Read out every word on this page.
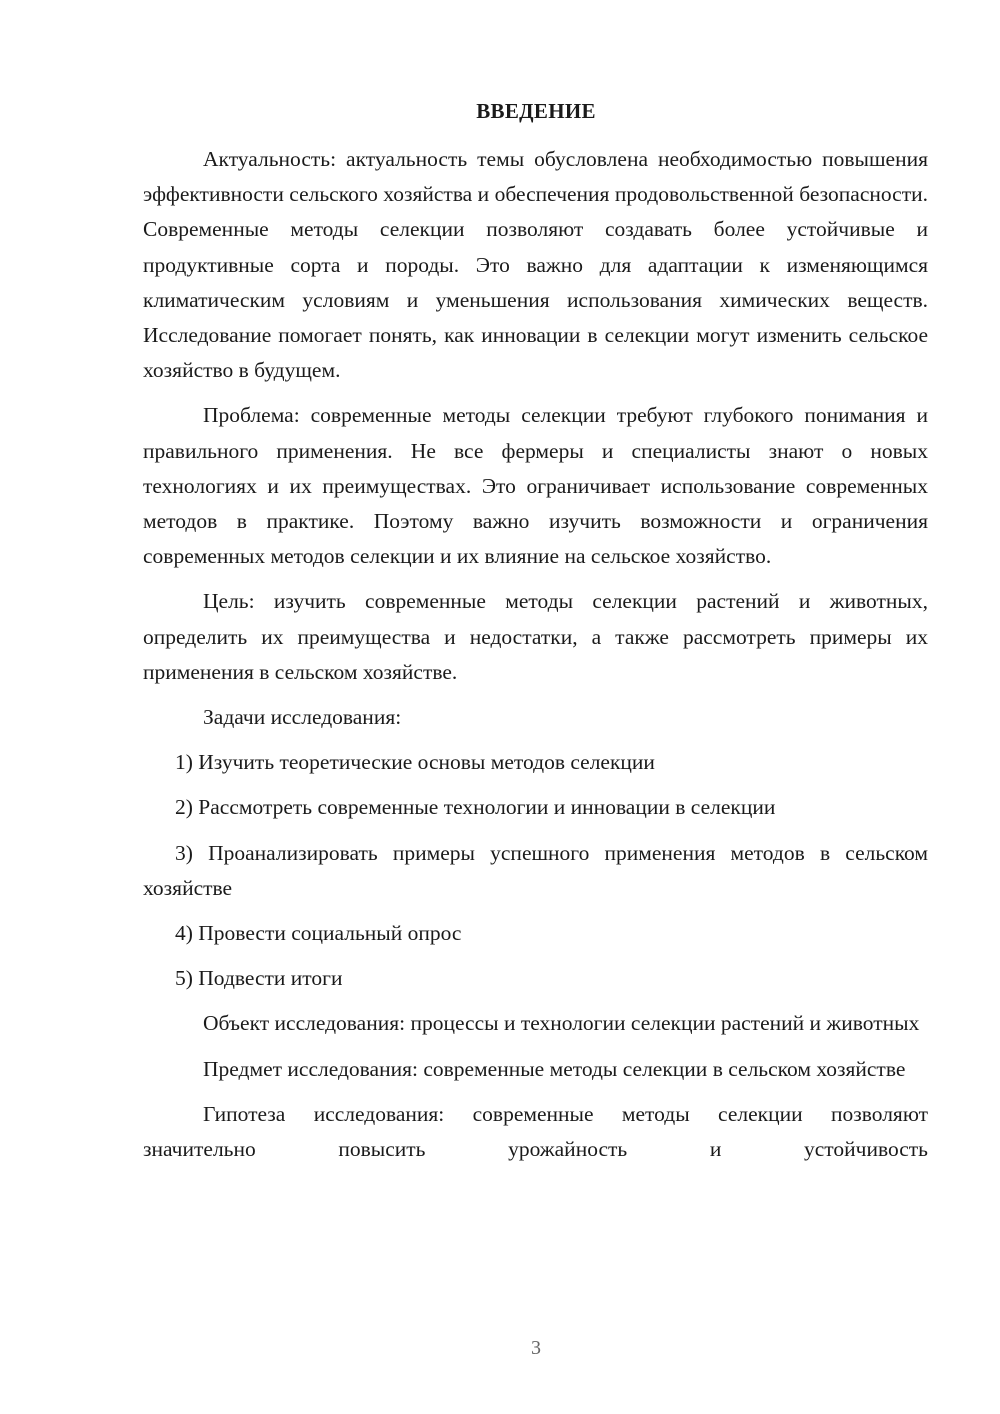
ВВЕДЕНИЕ

Актуальность: актуальность темы обусловлена необходимостью повышения эффективности сельского хозяйства и обеспечения продовольственной безопасности. Современные методы селекции позволяют создавать более устойчивые и продуктивные сорта и породы. Это важно для адаптации к изменяющимся климатическим условиям и уменьшения использования химических веществ. Исследование помогает понять, как инновации в селекции могут изменить сельское хозяйство в будущем.

Проблема: современные методы селекции требуют глубокого понимания и правильного применения. Не все фермеры и специалисты знают о новых технологиях и их преимуществах. Это ограничивает использование современных методов в практике. Поэтому важно изучить возможности и ограничения современных методов селекции и их влияние на сельское хозяйство.

Цель: изучить современные методы селекции растений и животных, определить их преимущества и недостатки, а также рассмотреть примеры их применения в сельском хозяйстве.

Задачи исследования:

1) Изучить теоретические основы методов селекции

2) Рассмотреть современные технологии и инновации в селекции

3) Проанализировать примеры успешного применения методов в сельском хозяйстве

4) Провести социальный опрос

5) Подвести итоги

Объект исследования: процессы и технологии селекции растений и животных

Предмет исследования: современные методы селекции в сельском хозяйстве

Гипотеза исследования: современные методы селекции позволяют значительно повысить урожайность и устойчивость

3
